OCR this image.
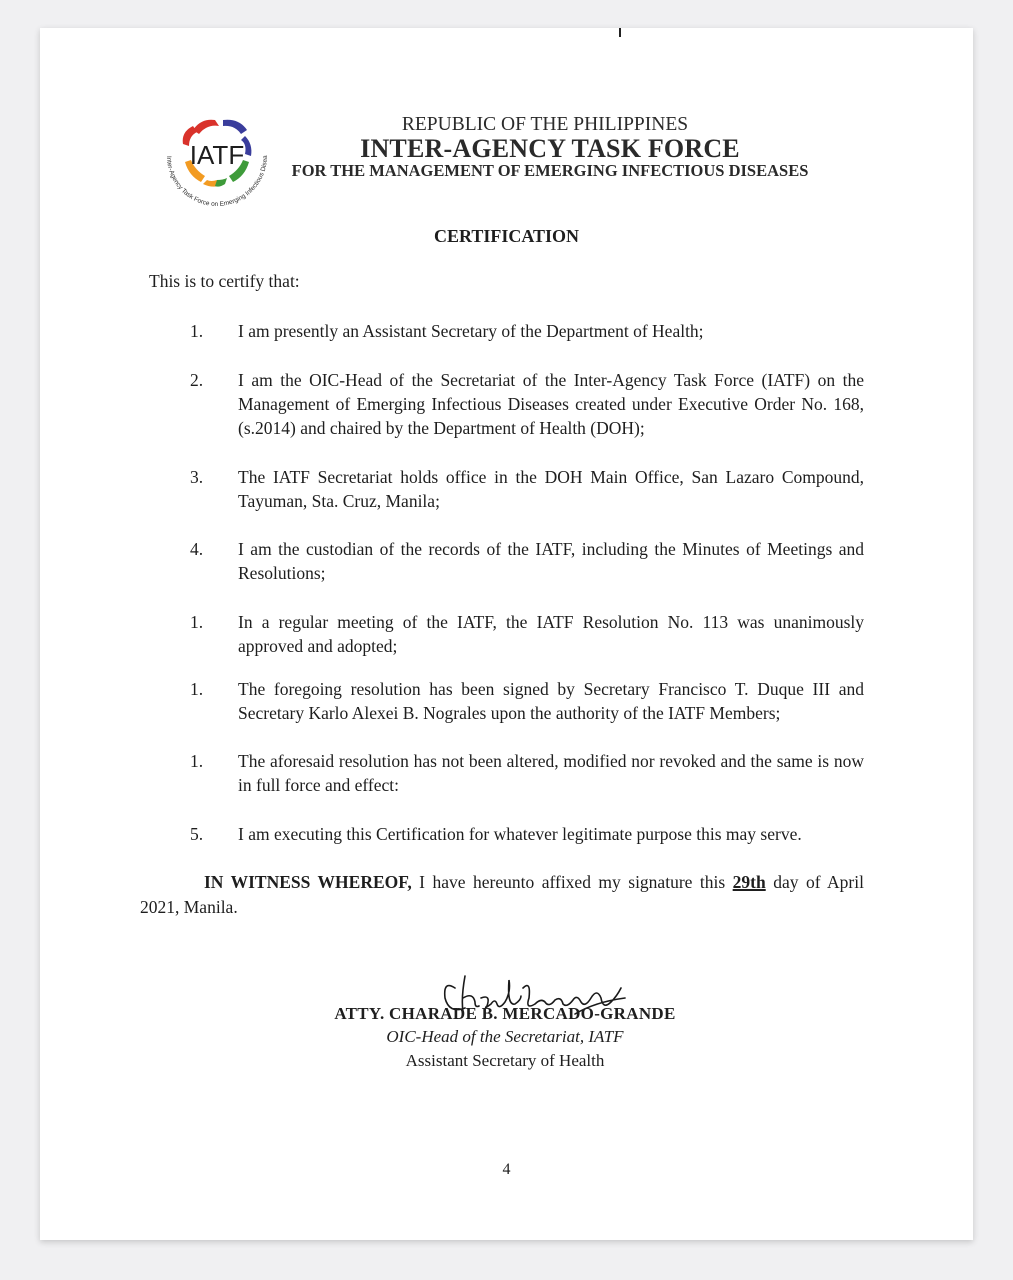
IATF
Inter-Agency Task Force on Emerging Infectious Disea
REPUBLIC OF THE PHILIPPINES
INTER-AGENCY TASK FORCE
FOR THE MANAGEMENT OF EMERGING INFECTIOUS DISEASES
CERTIFICATION
This is to certify that:
1. I am presently an Assistant Secretary of the Department of Health;
2. I am the OIC-Head of the Secretariat of the Inter-Agency Task Force (IATF) on the Management of Emerging Infectious Diseases created under Executive Order No. 168, (s.2014) and chaired by the Department of Health (DOH);
3. The IATF Secretariat holds office in the DOH Main Office, San Lazaro Compound, Tayuman, Sta. Cruz, Manila;
4. I am the custodian of the records of the IATF, including the Minutes of Meetings and Resolutions;
1. In a regular meeting of the IATF, the IATF Resolution No. 113 was unanimously approved and adopted;
1. The foregoing resolution has been signed by Secretary Francisco T. Duque III and Secretary Karlo Alexei B. Nograles upon the authority of the IATF Members;
1. The aforesaid resolution has not been altered, modified nor revoked and the same is now in full force and effect:
5. I am executing this Certification for whatever legitimate purpose this may serve.
IN WITNESS WHEREOF, I have hereunto affixed my signature this 29th day of April 2021, Manila.
ATTY. CHARADE B. MERCADO-GRANDE
OIC-Head of the Secretariat, IATF
Assistant Secretary of Health
4
